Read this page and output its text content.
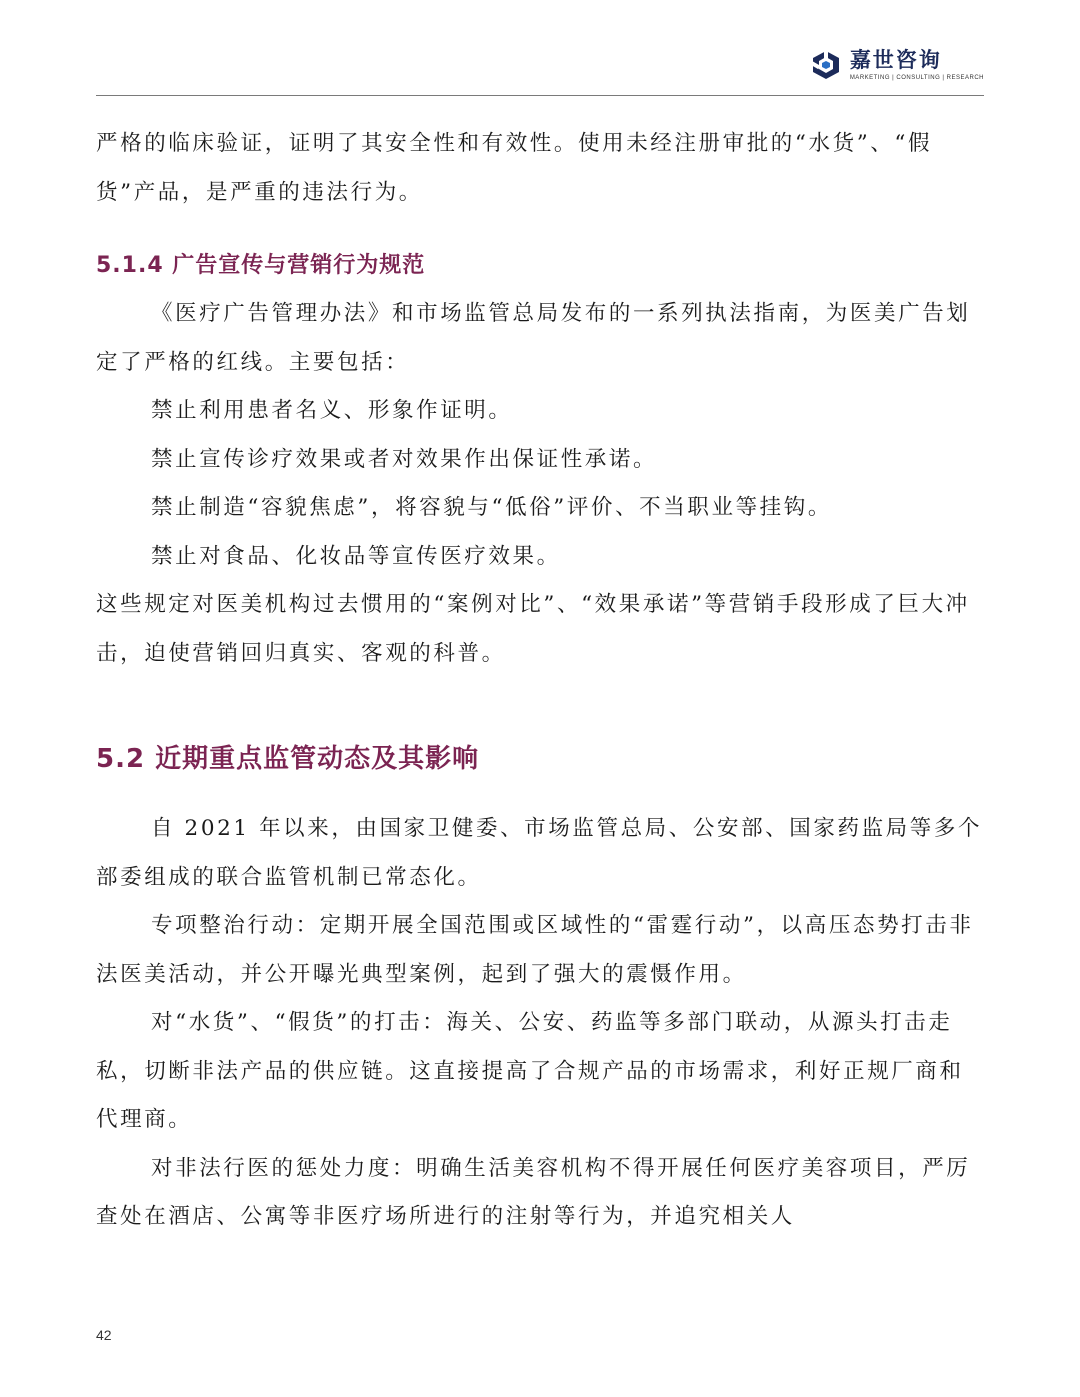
嘉世咨询
MARKETING | CONSULTING | RESEARCH

严格的临床验证，证明了其安全性和有效性。使用未经注册审批的“水货”、“假货”产品，是严重的违法行为。

5.1.4 广告宣传与营销行为规范

《医疗广告管理办法》和市场监管总局发布的一系列执法指南，为医美广告划定了严格的红线。主要包括：

禁止利用患者名义、形象作证明。

禁止宣传诊疗效果或者对效果作出保证性承诺。

禁止制造“容貌焦虑”，将容貌与“低俗”评价、不当职业等挂钩。

禁止对食品、化妆品等宣传医疗效果。

这些规定对医美机构过去惯用的“案例对比”、“效果承诺”等营销手段形成了巨大冲击，迫使营销回归真实、客观的科普。

5.2 近期重点监管动态及其影响

自 2021 年以来，由国家卫健委、市场监管总局、公安部、国家药监局等多个部委组成的联合监管机制已常态化。

专项整治行动：定期开展全国范围或区域性的“雷霆行动”，以高压态势打击非法医美活动，并公开曝光典型案例，起到了强大的震慑作用。

对“水货”、“假货”的打击：海关、公安、药监等多部门联动，从源头打击走私，切断非法产品的供应链。这直接提高了合规产品的市场需求，利好正规厂商和代理商。

对非法行医的惩处力度：明确生活美容机构不得开展任何医疗美容项目，严厉查处在酒店、公寓等非医疗场所进行的注射等行为，并追究相关人

42
